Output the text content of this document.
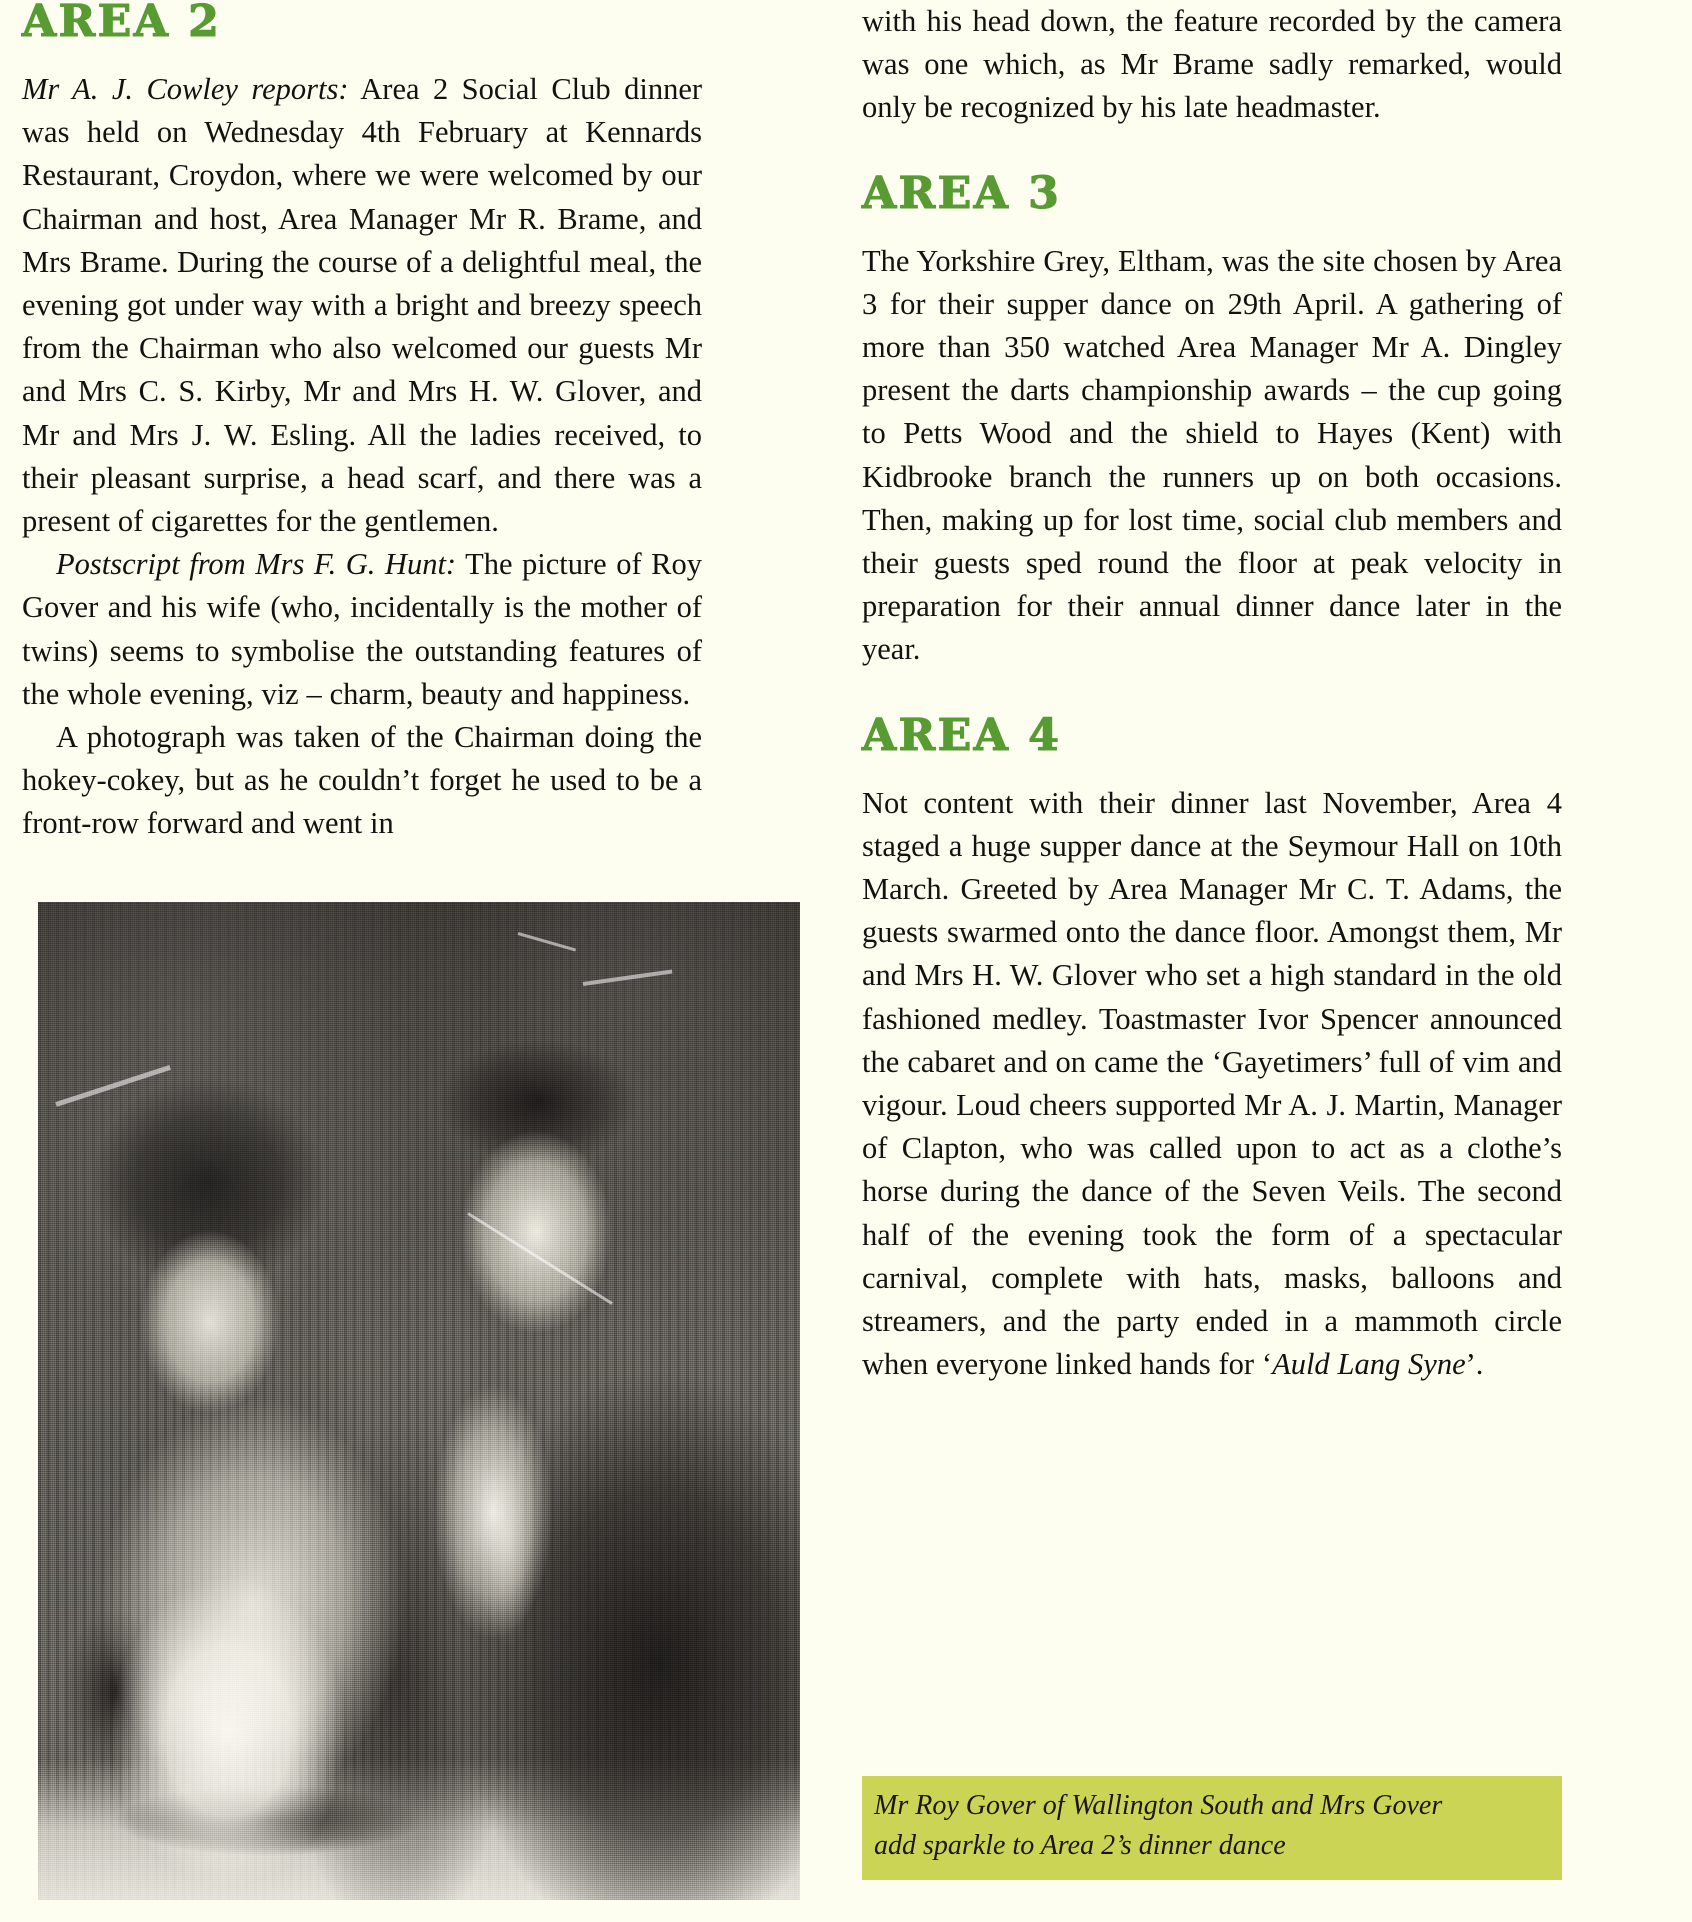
AREA 2

Mr A. J. Cowley reports: Area 2 Social Club dinner was held on Wednesday 4th February at Kennards Restaurant, Croydon, where we were welcomed by our Chairman and host, Area Manager Mr R. Brame, and Mrs Brame. During the course of a delightful meal, the evening got under way with a bright and breezy speech from the Chairman who also welcomed our guests Mr and Mrs C. S. Kirby, Mr and Mrs H. W. Glover, and Mr and Mrs J. W. Esling. All the ladies received, to their pleasant surprise, a head scarf, and there was a present of cigarettes for the gentlemen.

Postscript from Mrs F. G. Hunt: The picture of Roy Gover and his wife (who, incidentally is the mother of twins) seems to symbolise the outstanding features of the whole evening, viz – charm, beauty and happiness.

A photograph was taken of the Chairman doing the hokey-cokey, but as he couldn’t forget he used to be a front-row forward and went in

with his head down, the feature recorded by the camera was one which, as Mr Brame sadly remarked, would only be recognized by his late headmaster.

AREA 3

The Yorkshire Grey, Eltham, was the site chosen by Area 3 for their supper dance on 29th April. A gathering of more than 350 watched Area Manager Mr A. Dingley present the darts championship awards – the cup going to Petts Wood and the shield to Hayes (Kent) with Kidbrooke branch the runners up on both occasions. Then, making up for lost time, social club members and their guests sped round the floor at peak velocity in preparation for their annual dinner dance later in the year.

AREA 4

Not content with their dinner last November, Area 4 staged a huge supper dance at the Seymour Hall on 10th March. Greeted by Area Manager Mr C. T. Adams, the guests swarmed onto the dance floor. Amongst them, Mr and Mrs H. W. Glover who set a high standard in the old fashioned medley. Toastmaster Ivor Spencer announced the cabaret and on came the ‘Gayetimers’ full of vim and vigour. Loud cheers supported Mr A. J. Martin, Manager of Clapton, who was called upon to act as a clothe’s horse during the dance of the Seven Veils. The second half of the evening took the form of a spectacular carnival, complete with hats, masks, balloons and streamers, and the party ended in a mammoth circle when everyone linked hands for ‘Auld Lang Syne’.

Mr Roy Gover of Wallington South and Mrs Gover

add sparkle to Area 2’s dinner dance
